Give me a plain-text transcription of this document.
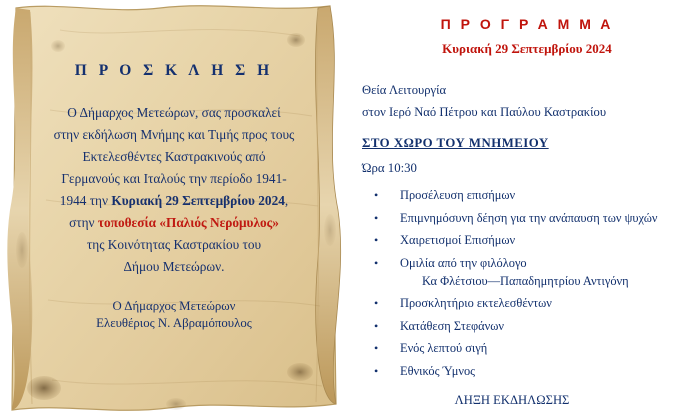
Π Ρ Ο Σ Κ Λ Η Σ Η
Ο Δήμαρχος Μετεώρων, σας προσκαλεί
στην εκδήλωση Μνήμης και Τιμής προς τους
Εκτελεσθέντες Καστρακινούς από
Γερμανούς και Ιταλούς την περίοδο 1941-
1944 την Κυριακή 29 Σεπτεμβρίου 2024,
στην τοποθεσία «Παλιός Νερόμυλος»
της Κοινότητας Καστρακίου του
Δήμου Μετεώρων.
Ο Δήμαρχος Μετεώρων
Ελευθέριος Ν. Αβραμόπουλος
Π Ρ Ο Γ Ρ Α Μ Μ Α
Κυριακή 29 Σεπτεμβρίου 2024
Θεία Λειτουργία
στον Ιερό Ναό Πέτρου και Παύλου Καστρακίου
ΣΤΟ ΧΩΡΟ ΤΟΥ ΜΝΗΜΕΙΟΥ
Ώρα 10:30
• Προσέλευση επισήμων
• Επιμνημόσυνη δέηση για την ανάπαυση των ψυχών
• Χαιρετισμοί Επισήμων
• Ομιλία από την φιλόλογο
Κα Φλέτσιου—Παπαδημητρίου Αντιγόνη
• Προσκλητήριο εκτελεσθέντων
• Κατάθεση Στεφάνων
• Ενός λεπτού σιγή
• Εθνικός Ύμνος
ΛΗΞΗ ΕΚΔΗΛΩΣΗΣ
